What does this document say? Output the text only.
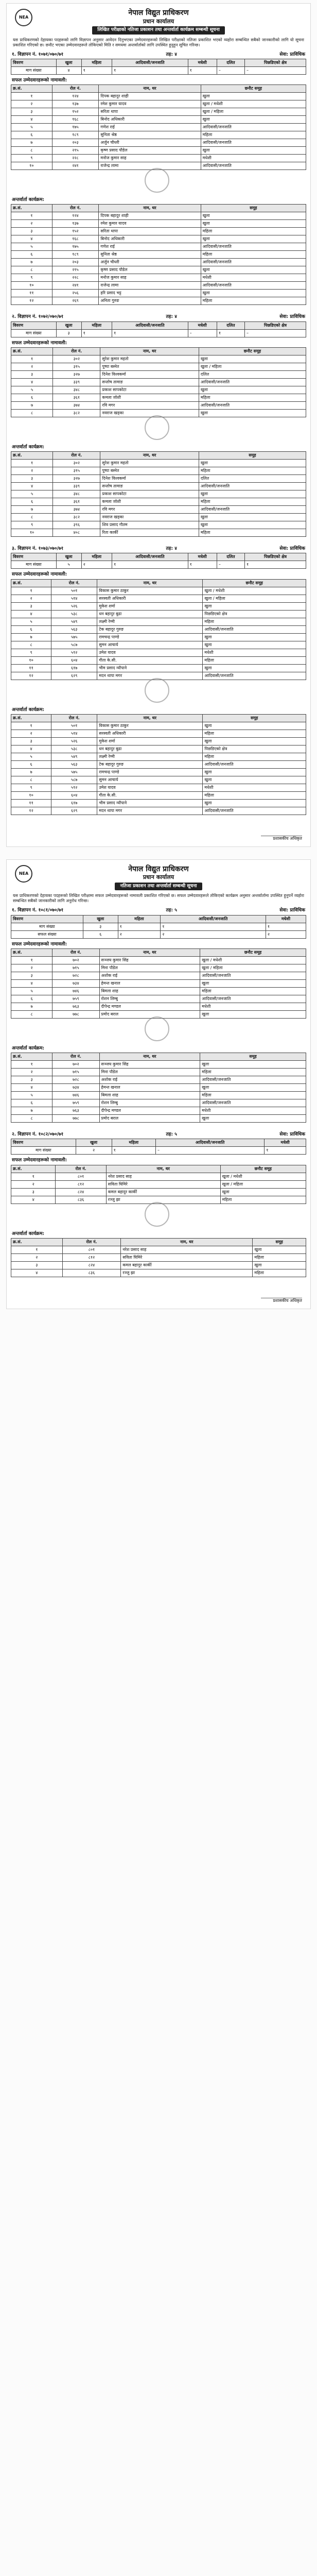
NEA
नेपाल विद्युत प्राधिकरण
प्रधान कार्यालय
लिखित परीक्षाको नतिजा प्रकाशन तथा अन्तर्वार्ता कार्यक्रम सम्बन्धी सूचना
यस प्राधिकरणको देहायका पदहरूको लागि विज्ञापन अनुसार आवेदन दिनुभएका उम्मेदवारहरूको लिखित परीक्षाको नतिजा प्रकाशित भएको व्यहोरा सम्बन्धित सबैको जानकारीको लागि यो सूचना प्रकाशित गरिएको छ। छनौट भएका उम्मेदवारहरूले तोकिएको मिति र समयमा अन्तर्वार्ताको लागि उपस्थित हुनुहुन सूचित गरिन्छ।
१. विज्ञापन नं. १०७१/०७०/७१	तह: ४	सेवा: प्राविधिक
विवरण	खुला	महिला	आदिवासी/जनजाति	मधेशी	दलित	पिछडिएको क्षेत्र
माग संख्या	४	१	१	१	–	–
सफल उम्मेदवारहरूको नामावली:
क्र.सं.	रोल नं.	नाम, थर	छनौट समूह
१	१२४	दिपक बहादुर शाही	खुला
२	१३७	रमेश कुमार यादव	खुला / मधेशी
३	१५२	सरिता थापा	खुला / महिला
४	१६८	बिनोद अधिकारी	खुला
५	१७५	गणेश राई	आदिवासी/जनजाति
६	१८९	सुनिता श्रेष्ठ	महिला
७	२०३	अर्जुन चौधरी	आदिवासी/जनजाति
८	२१५	कृष्ण प्रसाद पौडेल	खुला
९	२२८	मनोज कुमार साह	मधेशी
१०	२४१	राजेन्द्र लामा	आदिवासी/जनजाति
अन्तर्वार्ता कार्यक्रम:
क्र.सं.	रोल नं.	नाम, थर	समूह
१	१२४	दिपक बहादुर शाही	खुला
२	१३७	रमेश कुमार यादव	खुला
३	१५२	सरिता थापा	महिला
४	१६८	बिनोद अधिकारी	खुला
५	१७५	गणेश राई	आदिवासी/जनजाति
६	१८९	सुनिता श्रेष्ठ	महिला
७	२०३	अर्जुन चौधरी	आदिवासी/जनजाति
८	२१५	कृष्ण प्रसाद पौडेल	खुला
९	२२८	मनोज कुमार साह	मधेशी
१०	२४१	राजेन्द्र लामा	आदिवासी/जनजाति
११	२५६	हरि प्रसाद भट्ट	खुला
१२	२६९	अनिता गुरुङ	महिला
२. विज्ञापन नं. १०७२/०७०/७१	तह: ४	सेवा: प्राविधिक
विवरण	खुला	महिला	आदिवासी/जनजाति	मधेशी	दलित	पिछडिएको क्षेत्र
माग संख्या	३	१	१	–	१	–
सफल उम्मेदवारहरूको नामावली:
क्र.सं.	रोल नं.	नाम, थर	छनौट समूह
१	३०२	सुरेश कुमार महतो	खुला
२	३१५	पुष्पा बस्नेत	खुला / महिला
३	३२७	दिनेश विश्वकर्मा	दलित
४	३३९	सन्तोष तामाङ	आदिवासी/जनजाति
५	३४८	प्रकाश सापकोटा	खुला
६	३६१	कमला जोशी	महिला
७	३७४	रवि मगर	आदिवासी/जनजाति
८	३८२	नवराज खड्का	खुला
अन्तर्वार्ता कार्यक्रम:
क्र.सं.	रोल नं.	नाम, थर	समूह
१	३०२	सुरेश कुमार महतो	खुला
२	३१५	पुष्पा बस्नेत	महिला
३	३२७	दिनेश विश्वकर्मा	दलित
४	३३९	सन्तोष तामाङ	आदिवासी/जनजाति
५	३४८	प्रकाश सापकोटा	खुला
६	३६१	कमला जोशी	महिला
७	३७४	रवि मगर	आदिवासी/जनजाति
८	३८२	नवराज खड्का	खुला
९	३९६	शिव प्रसाद गौतम	खुला
१०	४०८	रिता कार्की	महिला
३. विज्ञापन नं. १०७३/०७०/७१	तह: ४	सेवा: प्राविधिक
विवरण	खुला	महिला	आदिवासी/जनजाति	मधेशी	दलित	पिछडिएको क्षेत्र
माग संख्या	५	२	१	१	–	१
सफल उम्मेदवारहरूको नामावली:
क्र.सं.	रोल नं.	नाम, थर	छनौट समूह
१	५०१	विकास कुमार ठाकुर	खुला / मधेशी
२	५१४	सरस्वती अधिकारी	खुला / महिला
३	५२६	मुकेश शर्मा	खुला
४	५३८	धन बहादुर बुढा	पिछडिएको क्षेत्र
५	५४९	लक्ष्मी रेग्मी	महिला
६	५६३	टेक बहादुर गुरुङ	आदिवासी/जनजाति
७	५७५	रामचन्द्र पाण्डे	खुला
८	५८७	सुमन आचार्य	खुला
९	५९२	उमेश यादव	मधेशी
१०	६०४	गीता के.सी.	महिला
११	६१७	भीम प्रसाद न्यौपाने	खुला
१२	६२९	मदन थापा मगर	आदिवासी/जनजाति
अन्तर्वार्ता कार्यक्रम:
क्र.सं.	रोल नं.	नाम, थर	समूह
१	५०१	विकास कुमार ठाकुर	खुला
२	५१४	सरस्वती अधिकारी	महिला
३	५२६	मुकेश शर्मा	खुला
४	५३८	धन बहादुर बुढा	पिछडिएको क्षेत्र
५	५४९	लक्ष्मी रेग्मी	महिला
६	५६३	टेक बहादुर गुरुङ	आदिवासी/जनजाति
७	५७५	रामचन्द्र पाण्डे	खुला
८	५८७	सुमन आचार्य	खुला
९	५९२	उमेश यादव	मधेशी
१०	६०४	गीता के.सी.	महिला
११	६१७	भीम प्रसाद न्यौपाने	खुला
१२	६२९	मदन थापा मगर	आदिवासी/जनजाति
प्रशासकीय अधिकृत
NEA
नेपाल विद्युत प्राधिकरण
प्रधान कार्यालय
नतिजा प्रकाशन तथा अन्तर्वार्ता सम्बन्धी सूचना
यस प्राधिकरणको देहायका पदहरूको लिखित परीक्षामा सफल उम्मेदवारहरूको नामावली प्रकाशित गरिएको छ। सफल उम्मेदवारहरूले तोकिएको कार्यक्रम अनुसार अन्तर्वार्तामा उपस्थित हुनुपर्ने व्यहोरा सम्बन्धित सबैको जानकारीको लागि अनुरोध गरिन्छ।
१. विज्ञापन नं. १०८१/०७०/७१	तह: ५	सेवा: प्राविधिक
विवरण	खुला	महिला	आदिवासी/जनजाति	मधेशी
माग संख्या	३	१	१	१
सफल संख्या	६	२	२	२
सफल उम्मेदवारहरूको नामावली:
क्र.सं.	रोल नं.	नाम, थर	छनौट समूह
१	७०२	सञ्जय कुमार सिंह	खुला / मधेशी
२	७१५	मिना पौडेल	खुला / महिला
३	७२८	अशोक राई	आदिवासी/जनजाति
४	७३४	हेमन्त खनाल	खुला
५	७४६	बिमला शाह	महिला
६	७५९	रोशन लिम्बु	आदिवासी/जनजाति
७	७६३	दीपेन्द्र मण्डल	मधेशी
८	७७८	प्रमोद बराल	खुला
अन्तर्वार्ता कार्यक्रम:
क्र.सं.	रोल नं.	नाम, थर	समूह
१	७०२	सञ्जय कुमार सिंह	खुला
२	७१५	मिना पौडेल	महिला
३	७२८	अशोक राई	आदिवासी/जनजाति
४	७३४	हेमन्त खनाल	खुला
५	७४६	बिमला शाह	महिला
६	७५९	रोशन लिम्बु	आदिवासी/जनजाति
७	७६३	दीपेन्द्र मण्डल	मधेशी
८	७७८	प्रमोद बराल	खुला
२. विज्ञापन नं. १०८२/०७०/७१	तह: ५	सेवा: प्राविधिक
विवरण	खुला	महिला	आदिवासी/जनजाति	मधेशी
माग संख्या	२	१	–	१
सफल उम्मेदवारहरूको नामावली:
क्र.सं.	रोल नं.	नाम, थर	छनौट समूह
१	८०१	नरेश प्रसाद साह	खुला / मधेशी
२	८१२	सविता घिमिरे	खुला / महिला
३	८२४	कमल बहादुर कार्की	खुला
४	८३६	रञ्जु झा	महिला
अन्तर्वार्ता कार्यक्रम:
क्र.सं.	रोल नं.	नाम, थर	समूह
१	८०१	नरेश प्रसाद साह	खुला
२	८१२	सविता घिमिरे	महिला
३	८२४	कमल बहादुर कार्की	खुला
४	८३६	रञ्जु झा	महिला
प्रशासकीय अधिकृत
